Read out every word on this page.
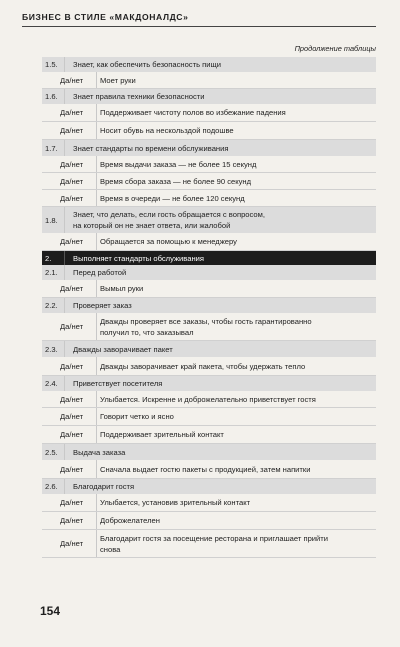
БИЗНЕС В СТИЛЕ «МАКДОНАЛДС»
Продолжение таблицы
1.5.	Знает, как обеспечить безопасность пищи
Да/нет	Моет руки
1.6.	Знает правила техники безопасности
Да/нет	Поддерживает чистоту полов во избежание падения
Да/нет	Носит обувь на нескольздой подошве
1.7.	Знает стандарты по времени обслуживания
Да/нет	Время выдачи заказа — не более 15 секунд
Да/нет	Время сбора заказа — не более 90 секунд
Да/нет	Время в очереди — не более 120 секунд
1.8.
Знает, что делать, если гость обращается с вопросом,
на который он не знает ответа, или жалобой
Да/нет	Обращается за помощью к менеджеру
2.	Выполняет стандарты обслуживания
2.1.	Перед работой
Да/нет	Вымыл руки
2.2.	Проверяет заказ
Да/нет
Дважды проверяет все заказы, чтобы гость гарантированно
получил то, что заказывал
2.3.	Дважды заворачивает пакет
Да/нет	Дважды заворачивает край пакета, чтобы удержать тепло
2.4.	Приветствует посетителя
Да/нет	Улыбается. Искренне и доброжелательно приветствует гостя
Да/нет	Говорит четко и ясно
Да/нет	Поддерживает зрительный контакт
2.5.	Выдача заказа
Да/нет	Сначала выдает гостю пакеты с продукцией, затем напитки
2.6.	Благодарит гостя
Да/нет	Улыбается, установив зрительный контакт
Да/нет	Доброжелателен
Да/нет
Благодарит гостя за посещение ресторана и приглашает прийти
снова
154
